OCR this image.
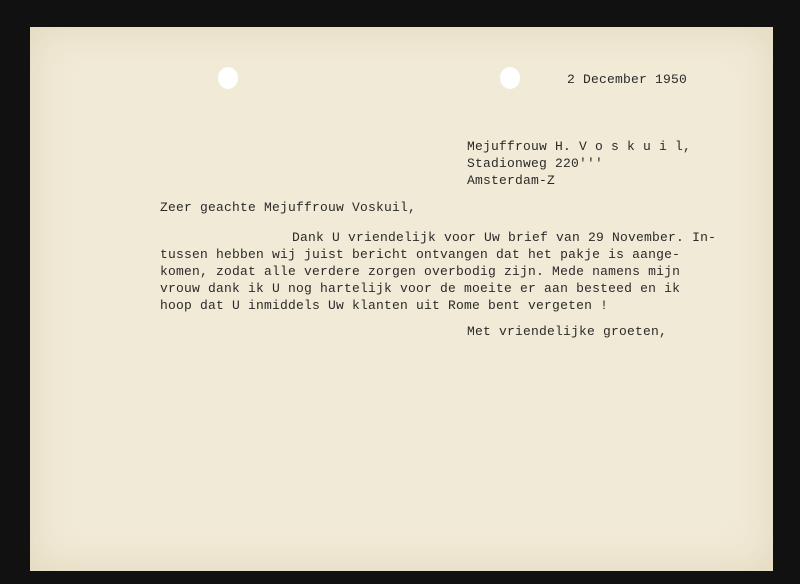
2 December 1950
Mejuffrouw H. V o s k u i l,
Stadionweg 220'''
Amsterdam-Z
Zeer geachte Mejuffrouw Voskuil,
Dank U vriendelijk voor Uw brief van 29 November. In-
tussen hebben wij juist bericht ontvangen dat het pakje is aange-
komen, zodat alle verdere zorgen overbodig zijn. Mede namens mijn
vrouw dank ik U nog hartelijk voor de moeite er aan besteed en ik
hoop dat U inmiddels Uw klanten uit Rome bent vergeten !
Met vriendelijke groeten,
